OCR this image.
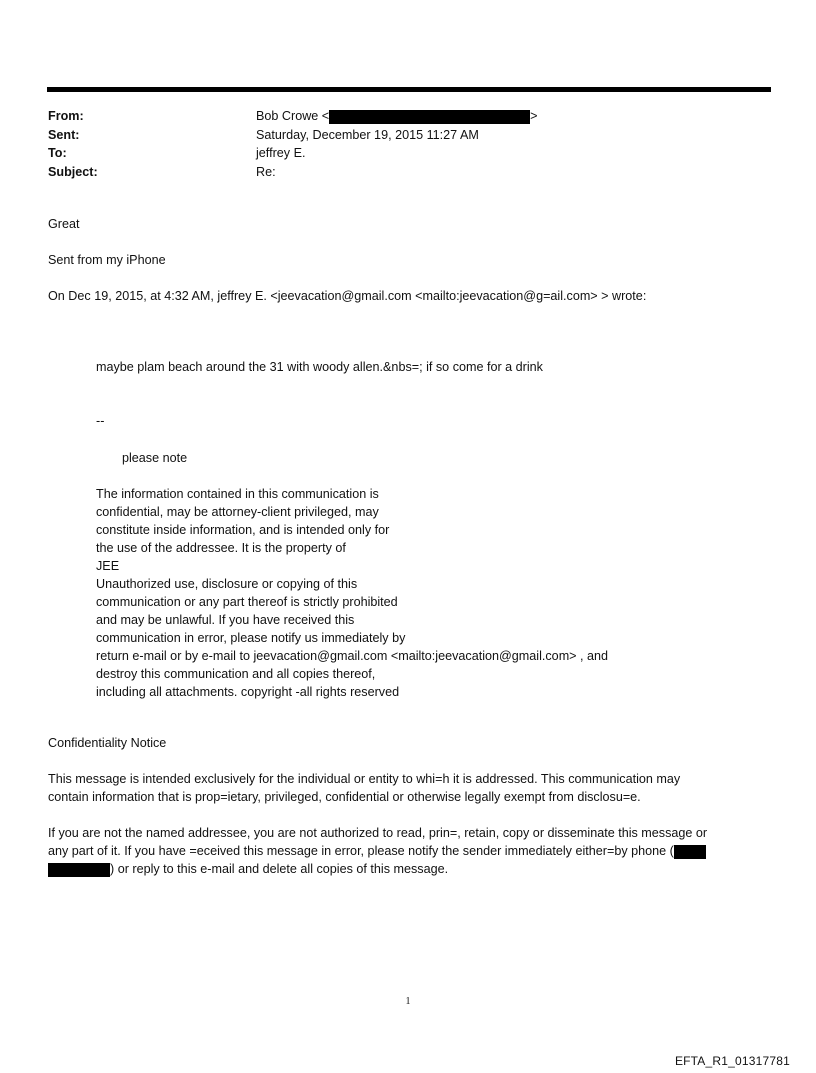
From:	Bob Crowe <	>
Sent:	Saturday, December 19, 2015 11:27 AM
To:	jeffrey E.
Subject:	Re:
Great
Sent from my iPhone
On Dec 19, 2015, at 4:32 AM, jeffrey E. <jeevacation@gmail.com <mailto:jeevacation@g=ail.com> > wrote:
maybe plam beach around the 31 with woody allen.&nbs=; if so come for a drink
--
please note
The information contained in this communication is
confidential, may be attorney-client privileged, may
constitute inside information, and is intended only for
the use of the addressee. It is the property of
JEE
Unauthorized use, disclosure or copying of this
communication or any part thereof is strictly prohibited
and may be unlawful. If you have received this
communication in error, please notify us immediately by
return e-mail or by e-mail to jeevacation@gmail.com <mailto:jeevacation@gmail.com> , and
destroy this communication and all copies thereof,
including all attachments. copyright -all rights reserved
Confidentiality Notice
This message is intended exclusively for the individual or entity to whi=h it is addressed. This communication may
contain information that is prop=ietary, privileged, confidential or otherwise legally exempt from disclosu=e.
If you are not the named addressee, you are not authorized to read, prin=, retain, copy or disseminate this message or
any part of it. If you have =eceived this message in error, please notify the sender immediately either=by phone (
) or reply to this e-mail and delete all copies of this message.
1
EFTA_R1_01317781
